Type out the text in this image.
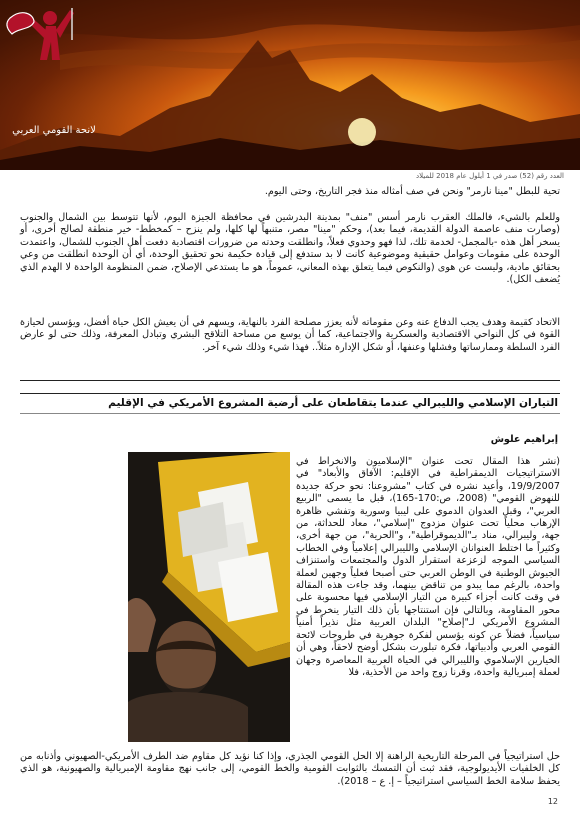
لانحة القومي العربي
العدد رقم (52) صدر في 1 أيلول عام 2018 للميلاد

تحية للبطل "مينا نارمر" ونحن في صف أمثاله منذ فجر التاريخ، وحتى اليوم.

وللعلم بالشيء، فالملك العقرب نارمر أسس "منف" بمدينة البدرشين في محافظة الجيزة اليوم، لأنها تتوسط بين الشمال والجنوب (وصارت منف عاصمة الدولة القديمة، فيما بعد)، وحكم "مينا" مصر، متنبهاً لها كلها، ولم ينزح – كمخطط- خير منطقة لصالح أخرى، أو يسخر أهل هذه -بالمجمل- لخدمة تلك، لذا فهو وحدوي فعلاً، وانطلقت وحدته من ضرورات اقتصادية دفعت أهل الجنوب للشمال، واعتمدت الوحدة على مقومات وعوامل حقيقية وموضوعية كانت لا بد ستدفع إلى قيادة حكيمة نحو تحقيق الوحدة، أي أن الوحدة انطلقت من وعي بحقائق مادية، وليست عن هوى (والنكوص فيما يتعلق بهذه المعاني، عموماً، هو ما يستدعي الإصلاح، ضمن المنظومة الواحدة لا الهدم الذي يُضعف الكل).

الاتحاد كقيمة وهدف يجب الدفاع عنه وعن مقوماته لأنه يعزز مصلحة الفرد بالنهاية، ويسهم في أن يعيش الكل حياة أفضل، ويؤسس لحيازة القوة في كل النواحي الاقتصادية والعسكرية والاجتماعية، كما أن يوسع من مساحة التلاقح البشري وتبادل المعرفة، وذلك حتى لو عارض الفرد السلطة وممارساتها وفشلها وعنفها، أو شكل الإدارة مثلاً.. فهذا شيء وذلك شيء آخر.

التياران الإسلامي والليبرالي عندما يتقاطعان على أرضية المشروع الأمريكي في الإقليم
إبراهيم علوش

(نشر هذا المقال تحت عنوان "الإسلاميون والانخراط في الاستراتيجيات الديمقراطية في الإقليم: الآفاق والأبعاد" في 19/9/2007، وأعيد نشره في كتاب "مشروعنا: نحو حركة جديدة للنهوض القومي" (2008، ص:170-165)، قبل ما يسمى "الربيع العربي"، وقبل العدوان الدموي على ليبيا وسورية وتفشي ظاهرة الإرهاب محلياً تحت عنوان مزدوج "إسلامي"، معاد للحداثة، من جهة، وليبرالي، مناد بـ"الديموقراطية"، و"الحرية"، من جهة أخرى، وكثيراً ما اختلط العنوانان الإسلامي والليبرالي إعلامياً وفي الخطاب السياسي الموجه لزعزعة استقرار الدول والمجتمعات واستنزاف الجيوش الوطنية في الوطن العربي حتى أصبحا فعلياً وجهين لعملة واحدة، بالرغم مما يبدو من تناقض بينهما، وقد جاءت هذه المقالة في وقت كانت أجزاء كبيرة من التيار الإسلامي فيها محسوبة على محور المقاومة، وبالتالي فإن استنتاجها بأن ذلك التيار ينخرط في المشروع الأمريكي لـ"إصلاح" البلدان العربية مثل نذيراً أمنياً سياسياً، فضلاً عن كونه يؤسس لفكرة جوهرية في طروحات لائحة القومي العربي وأدبياتها، فكرة تبلورت بشكل أوضح لاحقاً، وهي أن الخيارين الإسلاموي والليبرالي في الحياة العربية المعاصرة وجهان لعملة إمبريالية واحدة، وقرنا زوج واحد من الأحذية، فلا

حل استراتيجياً في المرحلة التاريخية الراهنة إلا الحل القومي الجذري، وإذا كنا نؤيد كل مقاوم ضد الطرف الأمريكي-الصهيوني وأذنابه من كل الخلفيات الأيديولوجية، فقد ثبت أن التمسك بالثوابت القومية والخط القومي، إلى جانب نهج مقاومة الإمبريالية والصهيونية، هو الذي يحفظ سلامة الخط السياسي استراتيجياً – إ. ع – 2018).

12
